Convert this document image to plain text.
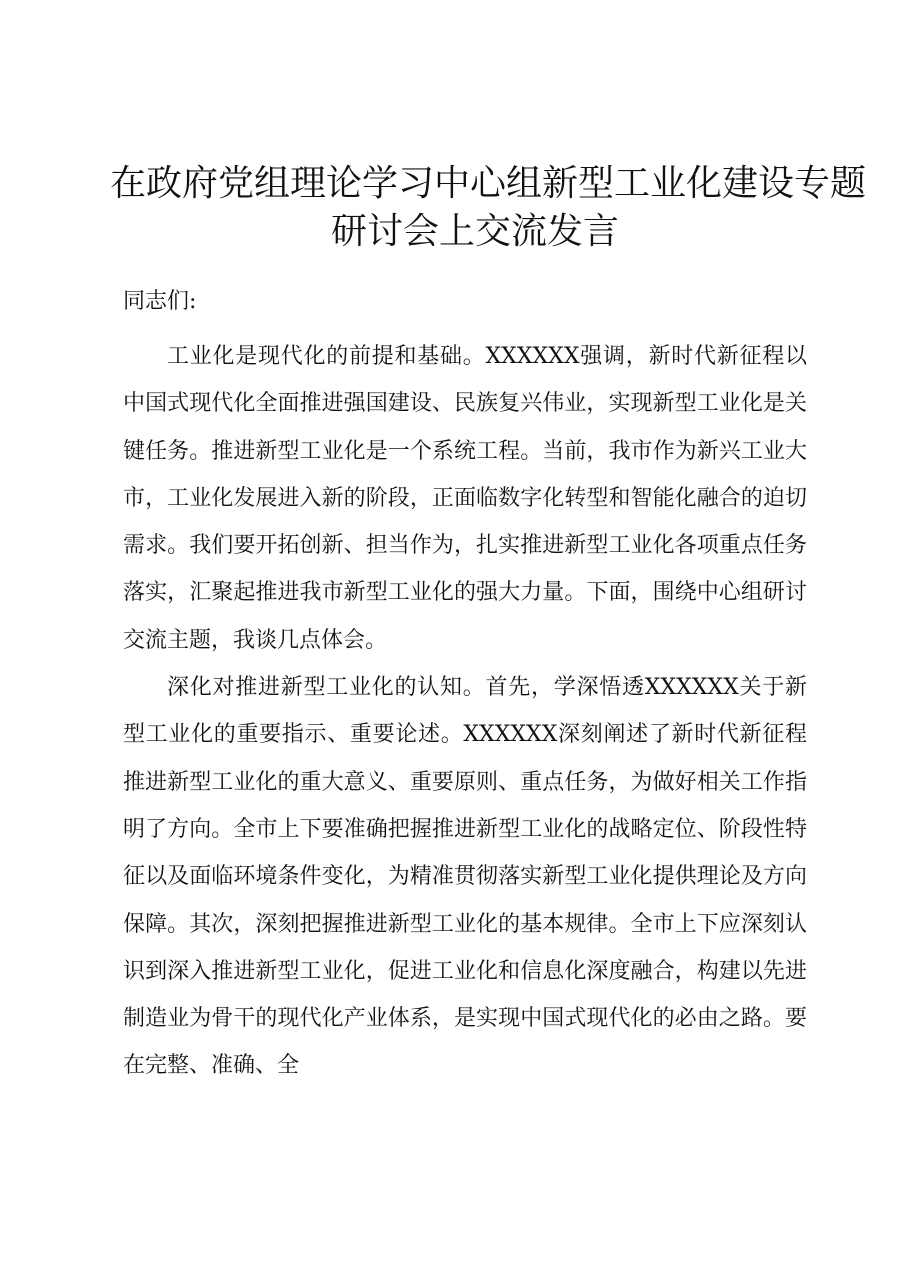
在政府党组理论学习中心组新型工业化建设专题
研讨会上交流发言

同志们:

工业化是现代化的前提和基础。XXXXXX强调，新时代新征程以中国式现代化全面推进强国建设、民族复兴伟业，实现新型工业化是关键任务。推进新型工业化是一个系统工程。当前，我市作为新兴工业大市，工业化发展进入新的阶段，正面临数字化转型和智能化融合的迫切需求。我们要开拓创新、担当作为，扎实推进新型工业化各项重点任务落实，汇聚起推进我市新型工业化的强大力量。下面，围绕中心组研讨交流主题，我谈几点体会。

深化对推进新型工业化的认知。首先，学深悟透XXXXXX关于新型工业化的重要指示、重要论述。XXXXXX深刻阐述了新时代新征程推进新型工业化的重大意义、重要原则、重点任务，为做好相关工作指明了方向。全市上下要准确把握推进新型工业化的战略定位、阶段性特征以及面临环境条件变化，为精准贯彻落实新型工业化提供理论及方向保障。其次，深刻把握推进新型工业化的基本规律。全市上下应深刻认识到深入推进新型工业化，促进工业化和信息化深度融合，构建以先进制造业为骨干的现代化产业体系，是实现中国式现代化的必由之路。要在完整、准确、全
